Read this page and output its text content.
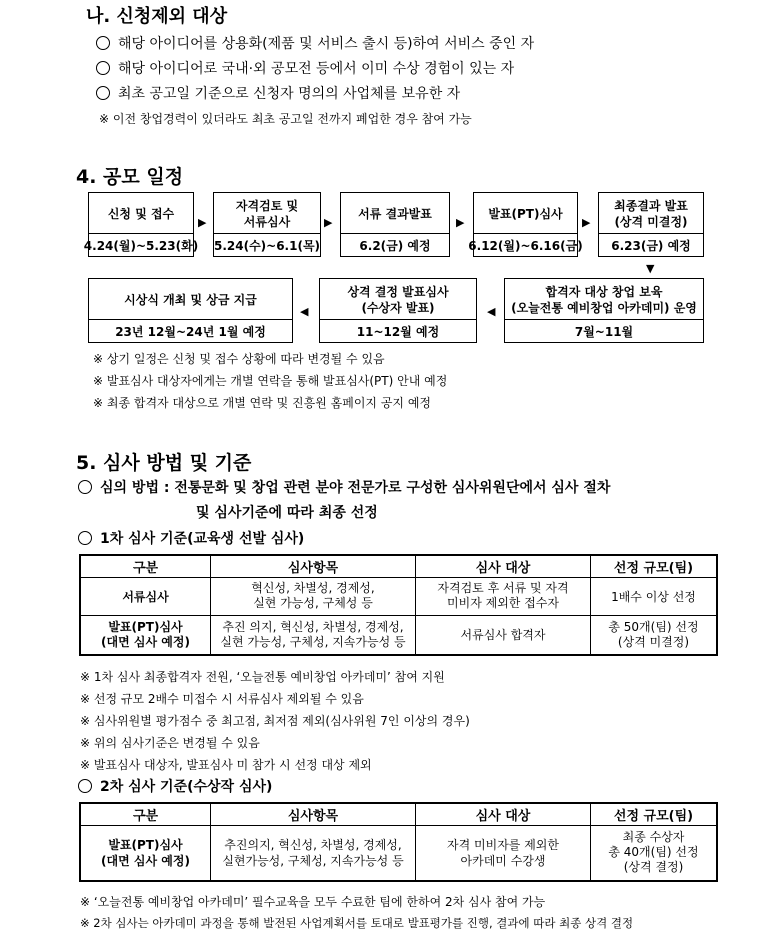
나. 신청제외 대상
해당 아이디어를 상용화(제품 및 서비스 출시 등)하여 서비스 중인 자
해당 아이디어로 국내·외 공모전 등에서 이미 수상 경험이 있는 자
최초 공고일 기준으로 신청자 명의의 사업체를 보유한 자
※ 이전 창업경력이 있더라도 최초 공고일 전까지 폐업한 경우 참여 가능
4. 공모 일정
신청 및 접수
4.24(월)~5.23(화)
▶
자격검토 및
서류심사
5.24(수)~6.1(목)
▶
서류 결과발표
6.2(금) 예정
▶
발표(PT)심사
6.12(월)~6.16(금)
▶
최종결과 발표
(상격 미결정)
6.23(금) 예정
▼
합격자 대상 창업 보육
(오늘전통 예비창업 아카데미) 운영
7월~11월
◀
상격 결정 발표심사
(수상자 발표)
11~12월 예정
◀
시상식 개최 및 상금 지급
23년 12월~24년 1월 예정
※ 상기 일정은 신청 및 접수 상황에 따라 변경될 수 있음
※ 발표심사 대상자에게는 개별 연락을 통해 발표심사(PT) 안내 예정
※ 최종 합격자 대상으로 개별 연락 및 진흥원 홈페이지 공지 예정
5. 심사 방법 및 기준
심의 방법 : 전통문화 및 창업 관련 분야 전문가로 구성한 심사위원단에서 심사 절차
및 심사기준에 따라 최종 선정
1차 심사 기준(교육생 선발 심사)
구분	심사항목	심사 대상	선정 규모(팀)
서류심사	혁신성, 차별성, 경제성,
실현 가능성, 구체성 등	자격검토 후 서류 및 자격
미비자 제외한 접수자	1배수 이상 선정
발표(PT)심사
(대면 심사 예정)	추진 의지, 혁신성, 차별성, 경제성,
실현 가능성, 구체성, 지속가능성 등	서류심사 합격자	총 50개(팀) 선정
(상격 미결정)
※ 1차 심사 최종합격자 전원, ‘오늘전통 예비창업 아카데미’ 참여 지원
※ 선정 규모 2배수 미접수 시 서류심사 제외될 수 있음
※ 심사위원별 평가점수 중 최고점, 최저점 제외(심사위원 7인 이상의 경우)
※ 위의 심사기준은 변경될 수 있음
※ 발표심사 대상자, 발표심사 미 참가 시 선정 대상 제외
2차 심사 기준(수상작 심사)
구분	심사항목	심사 대상	선정 규모(팀)
발표(PT)심사
(대면 심사 예정)	추진의지, 혁신성, 차별성, 경제성,
실현가능성, 구체성, 지속가능성 등	자격 미비자를 제외한
아카데미 수강생	최종 수상자
총 40개(팀) 선정
(상격 결정)
※ ‘오늘전통 예비창업 아카데미’ 필수교육을 모두 수료한 팀에 한하여 2차 심사 참여 가능
※ 2차 심사는 아카데미 과정을 통해 발전된 사업계획서를 토대로 발표평가를 진행, 결과에 따라 최종 상격 결정
